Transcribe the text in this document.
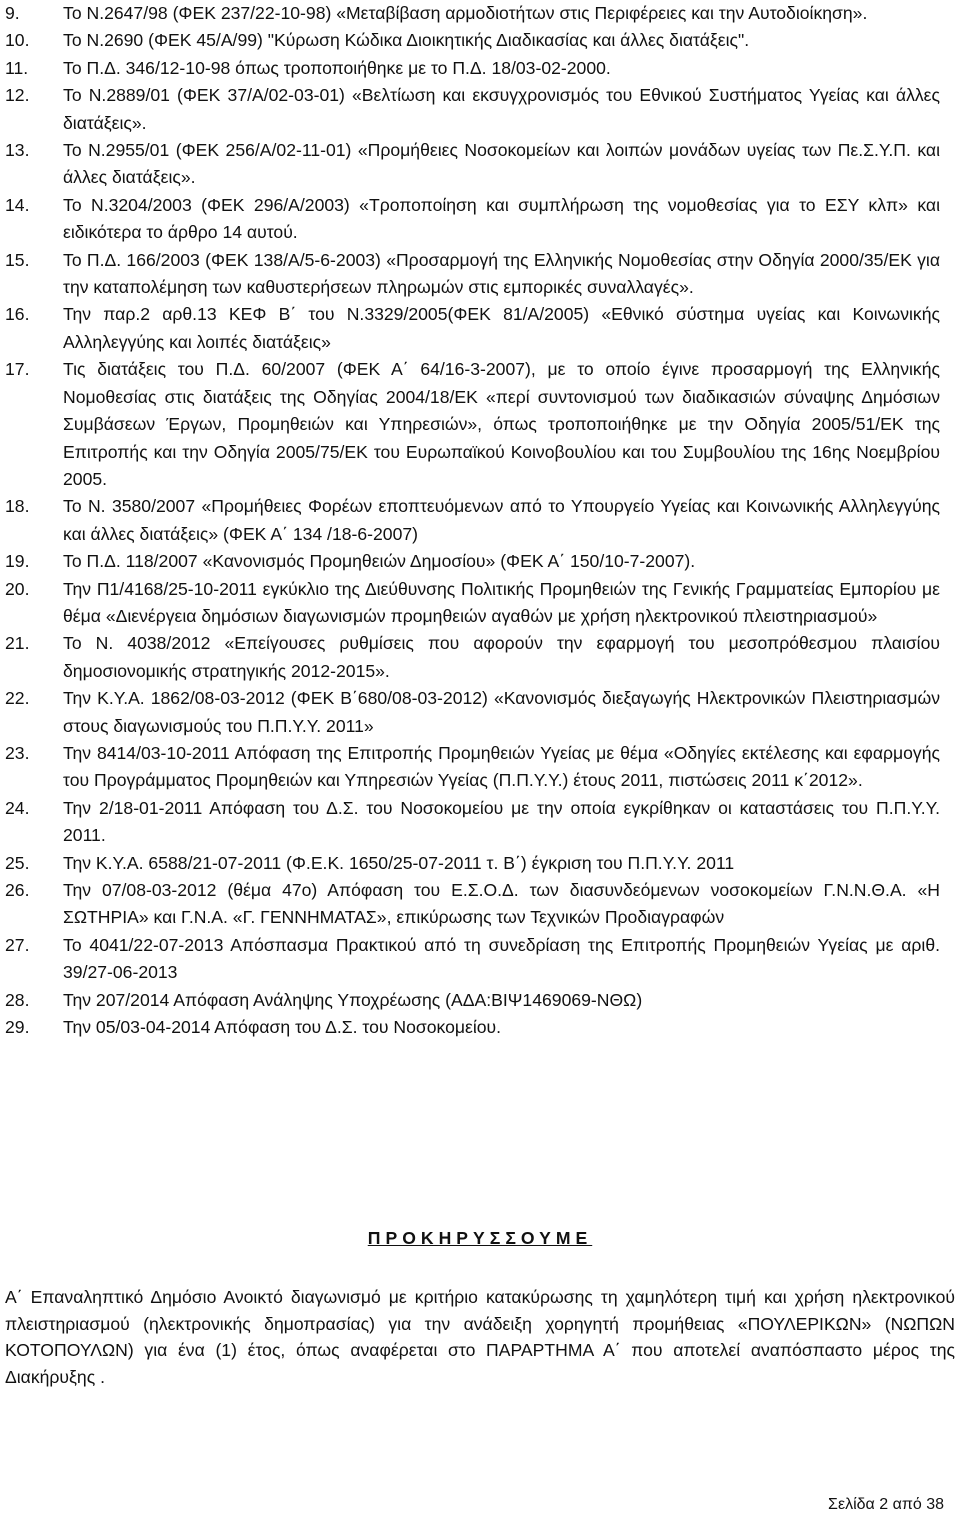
9.	Το Ν.2647/98 (ΦΕΚ 237/22-10-98) «Μεταβίβαση αρμοδιοτήτων στις Περιφέρειες και την Αυτοδιοίκηση».
10.	Το Ν.2690 (ΦΕΚ 45/Α/99) "Κύρωση Κώδικα Διοικητικής Διαδικασίας και άλλες διατάξεις".
11.	Το Π.Δ. 346/12-10-98 όπως τροποποιήθηκε με το Π.Δ. 18/03-02-2000.
12.	Το Ν.2889/01 (ΦΕΚ 37/Α/02-03-01) «Βελτίωση και εκσυγχρονισμός του Εθνικού Συστήματος Υγείας και άλλες διατάξεις».
13.	Το Ν.2955/01 (ΦΕΚ 256/Α/02-11-01) «Προμήθειες Νοσοκομείων και λοιπών μονάδων υγείας των Πε.Σ.Υ.Π. και άλλες διατάξεις».
14.	Το Ν.3204/2003 (ΦΕΚ 296/Α/2003) «Τροποποίηση και συμπλήρωση της νομοθεσίας για το ΕΣΥ κλπ» και ειδικότερα το άρθρο 14 αυτού.
15.	Το Π.Δ. 166/2003 (ΦΕΚ 138/Α/5-6-2003) «Προσαρμογή της Ελληνικής Νομοθεσίας στην Οδηγία 2000/35/ΕΚ για την καταπολέμηση των καθυστερήσεων πληρωμών στις εμπορικές συναλλαγές».
16.	Την παρ.2 αρθ.13 ΚΕΦ Β΄ του Ν.3329/2005(ΦΕΚ 81/Α/2005) «Εθνικό σύστημα υγείας και Κοινωνικής Αλληλεγγύης και λοιπές διατάξεις»
17.	Τις διατάξεις του Π.Δ. 60/2007 (ΦΕΚ Α΄ 64/16-3-2007), με το οποίο έγινε προσαρμογή της Ελληνικής Νομοθεσίας στις διατάξεις της Οδηγίας 2004/18/ΕΚ «περί συντονισμού των διαδικασιών σύναψης Δημόσιων Συμβάσεων Έργων, Προμηθειών και Υπηρεσιών», όπως τροποποιήθηκε με την Οδηγία 2005/51/ΕΚ της Επιτροπής και την Οδηγία 2005/75/ΕΚ του Ευρωπαϊκού Κοινοβουλίου και του Συμβουλίου της 16ης Νοεμβρίου 2005.
18.	Το Ν. 3580/2007 «Προμήθειες Φορέων εποπτευόμενων από το Υπουργείο Υγείας και Κοινωνικής Αλληλεγγύης και άλλες διατάξεις» (ΦΕΚ Α΄ 134 /18-6-2007)
19.	Το Π.Δ. 118/2007 «Κανονισμός Προμηθειών Δημοσίου» (ΦΕΚ Α΄ 150/10-7-2007).
20.	Την Π1/4168/25-10-2011 εγκύκλιο της Διεύθυνσης Πολιτικής Προμηθειών της Γενικής Γραμματείας Εμπορίου με θέμα «Διενέργεια δημόσιων διαγωνισμών προμηθειών αγαθών με χρήση ηλεκτρονικού πλειστηριασμού»
21.	Το Ν. 4038/2012 «Επείγουσες ρυθμίσεις που αφορούν την εφαρμογή του μεσοπρόθεσμου πλαισίου δημοσιονομικής στρατηγικής 2012-2015».
22.	Την Κ.Υ.Α. 1862/08-03-2012 (ΦΕΚ Β΄680/08-03-2012) «Κανονισμός διεξαγωγής Ηλεκτρονικών Πλειστηριασμών στους διαγωνισμούς του Π.Π.Υ.Υ. 2011»
23.	Την 8414/03-10-2011 Απόφαση της Επιτροπής Προμηθειών Υγείας με θέμα «Οδηγίες εκτέλεσης και εφαρμογής του Προγράμματος Προμηθειών και Υπηρεσιών Υγείας (Π.Π.Υ.Υ.) έτους 2011, πιστώσεις 2011 κ΄2012».
24.	Την 2/18-01-2011 Απόφαση του Δ.Σ. του Νοσοκομείου με την οποία εγκρίθηκαν οι καταστάσεις του Π.Π.Υ.Υ. 2011.
25.	Την Κ.Υ.Α. 6588/21-07-2011 (Φ.Ε.Κ. 1650/25-07-2011 τ. Β΄) έγκριση του Π.Π.Υ.Υ. 2011
26.	Την 07/08-03-2012 (θέμα 47ο) Απόφαση του Ε.Σ.Ο.Δ. των διασυνδεόμενων νοσοκομείων Γ.Ν.Ν.Θ.Α. «Η ΣΩΤΗΡΙΑ» και Γ.Ν.Α. «Γ. ΓΕΝΝΗΜΑΤΑΣ», επικύρωσης των Τεχνικών Προδιαγραφών
27.	Το 4041/22-07-2013 Απόσπασμα Πρακτικού από τη συνεδρίαση της Επιτροπής Προμηθειών Υγείας με αριθ. 39/27-06-2013
28.	Την 207/2014 Απόφαση Ανάληψης Υποχρέωσης (ΑΔΑ:ΒΙΨ1469069-ΝΘΩ)
29.	Την 05/03-04-2014 Απόφαση του Δ.Σ. του Νοσοκομείου.
ΠΡΟΚΗΡΥΣΣΟΥΜΕ
Α΄ Επαναληπτικό Δημόσιο Ανοικτό διαγωνισμό με κριτήριο κατακύρωσης τη χαμηλότερη τιμή και χρήση ηλεκτρονικού πλειστηριασμού (ηλεκτρονικής δημοπρασίας) για την ανάδειξη χορηγητή προμήθειας «ΠΟΥΛΕΡΙΚΩΝ» (ΝΩΠΩΝ ΚΟΤΟΠΟΥΛΩΝ) για ένα (1) έτος, όπως αναφέρεται στο ΠΑΡΑΡΤΗΜΑ Α΄ που αποτελεί αναπόσπαστο μέρος της Διακήρυξης .
Σελίδα 2 από 38
